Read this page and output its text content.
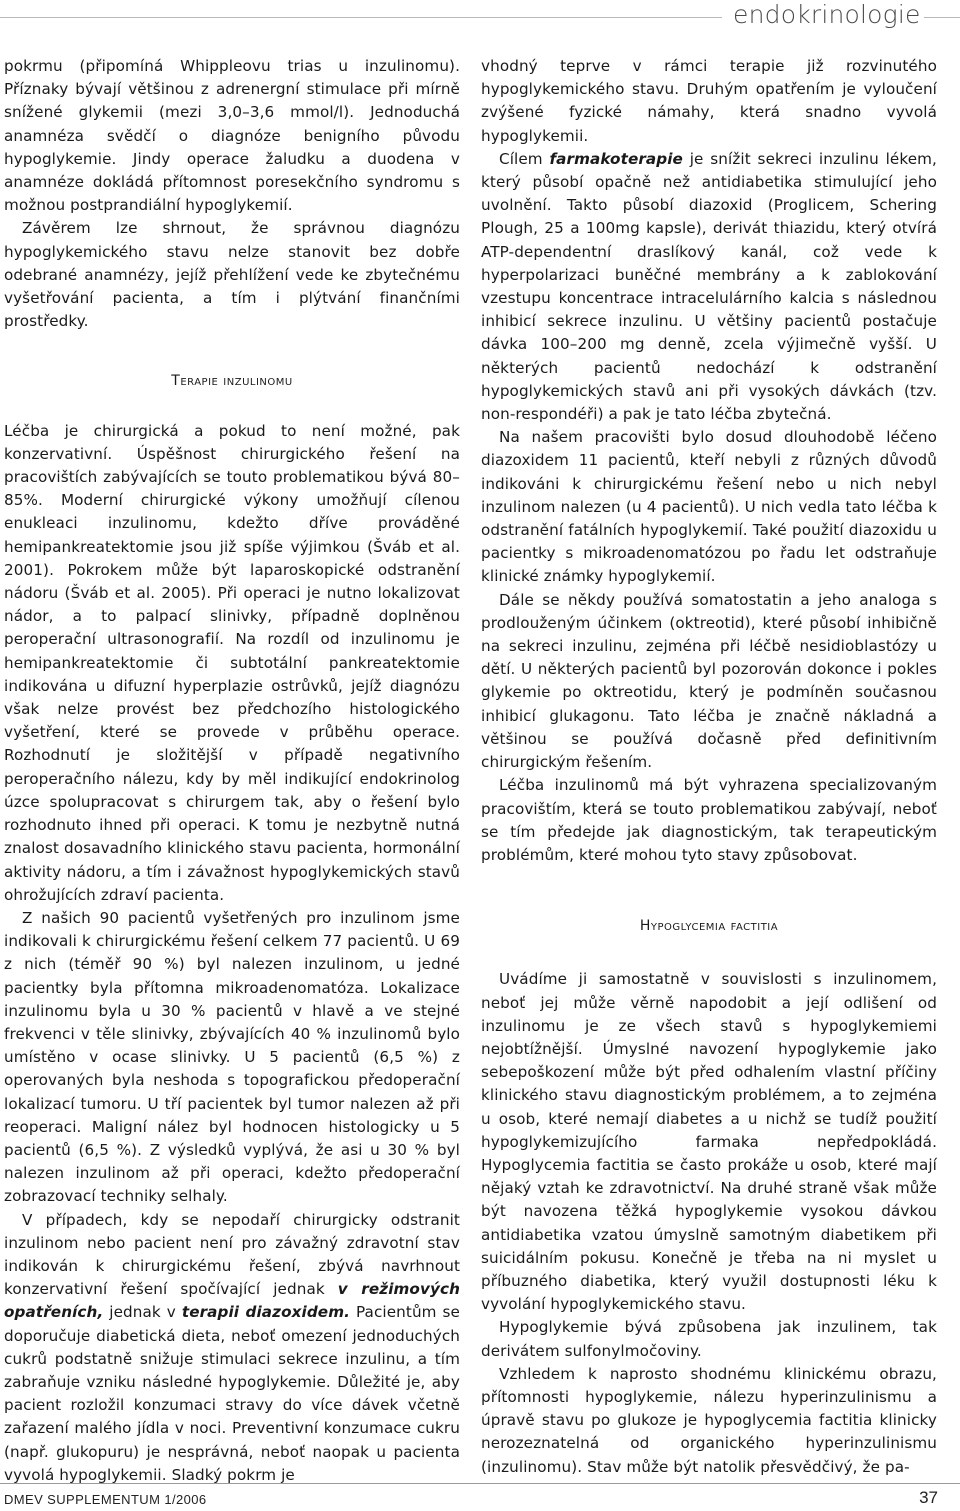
endokrinologie

pokrmu (připomíná Whippleovu trias u inzulinomu). Příznaky bývají většinou z adrenergní stimulace při mírně snížené glykemii (mezi 3,0–3,6 mmol/l). Jednoduchá anamnéza svědčí o diagnóze benigního původu hypoglykemie. Jindy operace žaludku a duodena v anamnéze dokládá přítomnost poresekčního syndromu s možnou postprandiální hypoglykemií.

Závěrem lze shrnout, že správnou diagnózu hypoglykemického stavu nelze stanovit bez dobře odebrané anamnézy, jejíž přehlížení vede ke zbytečnému vyšetřování pacienta, a tím i plýtvání finančními prostředky.

Terapie inzulinomu

Léčba je chirurgická a pokud to není možné, pak konzervativní. Úspěšnost chirurgického řešení na pracovištích zabývajících se touto problematikou bývá 80–85%. Moderní chirurgické výkony umožňují cílenou enukleaci inzulinomu, kdežto dříve prováděné hemipankreatektomie jsou již spíše výjimkou (Šváb et al. 2001). Pokrokem může být laparoskopické odstranění nádoru (Šváb et al. 2005). Při operaci je nutno lokalizovat nádor, a to palpací slinivky, případně doplněnou peroperační ultrasonografií. Na rozdíl od inzulinomu je hemipankreatektomie či subtotální pankreatektomie indikována u difuzní hyperplazie ostrůvků, jejíž diagnózu však nelze provést bez předchozího histologického vyšetření, které se provede v průběhu operace. Rozhodnutí je složitější v případě negativního peroperačního nálezu, kdy by měl indikující endokrinolog úzce spolupracovat s chirurgem tak, aby o řešení bylo rozhodnuto ihned při operaci. K tomu je nezbytně nutná znalost dosavadního klinického stavu pacienta, hormonální aktivity nádoru, a tím i závažnost hypoglykemických stavů ohrožujících zdraví pacienta.

Z našich 90 pacientů vyšetřených pro inzulinom jsme indikovali k chirurgickému řešení celkem 77 pacientů. U 69 z nich (téměř 90 %) byl nalezen inzulinom, u jedné pacientky byla přítomna mikroadenomatóza. Lokalizace inzulinomu byla u 30 % pacientů v hlavě a ve stejné frekvenci v těle slinivky, zbývajících 40 % inzulinomů bylo umístěno v ocase slinivky. U 5 pacientů (6,5 %) z operovaných byla neshoda s topografickou předoperační lokalizací tumoru. U tří pacientek byl tumor nalezen až při reoperaci. Maligní nález byl hodnocen histologicky u 5 pacientů (6,5 %). Z výsledků vyplývá, že asi u 30 % byl nalezen inzulinom až při operaci, kdežto předoperační zobrazovací techniky selhaly.

V případech, kdy se nepodaří chirurgicky odstranit inzulinom nebo pacient není pro závažný zdravotní stav indikován k chirurgickému řešení, zbývá navrhnout konzervativní řešení spočívající jednak v režimových opatřeních, jednak v terapii diazoxidem. Pacientům se doporučuje diabetická dieta, neboť omezení jednoduchých cukrů podstatně snižuje stimulaci sekrece inzulinu, a tím zabraňuje vzniku následné hypoglykemie. Důležité je, aby pacient rozložil konzumaci stravy do více dávek včetně zařazení malého jídla v noci. Preventivní konzumace cukru (např. glukopuru) je nesprávná, neboť naopak u pacienta vyvolá hypoglykemii. Sladký pokrm je

vhodný teprve v rámci terapie již rozvinutého hypoglykemického stavu. Druhým opatřením je vyloučení zvýšené fyzické námahy, která snadno vyvolá hypoglykemii.

Cílem farmakoterapie je snížit sekreci inzulinu lékem, který působí opačně než antidiabetika stimulující jeho uvolnění. Takto působí diazoxid (Proglicem, Schering Plough, 25 a 100mg kapsle), derivát thiazidu, který otvírá ATP-dependentní draslíkový kanál, což vede k hyperpolarizaci buněčné membrány a k zablokování vzestupu koncentrace intracelulárního kalcia s následnou inhibicí sekrece inzulinu. U většiny pacientů postačuje dávka 100–200 mg denně, zcela výjimečně vyšší. U některých pacientů nedochází k odstranění hypoglykemických stavů ani při vysokých dávkách (tzv. non-respondéři) a pak je tato léčba zbytečná.

Na našem pracovišti bylo dosud dlouhodobě léčeno diazoxidem 11 pacientů, kteří nebyli z různých důvodů indikováni k chirurgickému řešení nebo u nich nebyl inzulinom nalezen (u 4 pacientů). U nich vedla tato léčba k odstranění fatálních hypoglykemií. Také použití diazoxidu u pacientky s mikroadenomatózou po řadu let odstraňuje klinické známky hypoglykemií.

Dále se někdy používá somatostatin a jeho analoga s prodlouženým účinkem (oktreotid), které působí inhibičně na sekreci inzulinu, zejména při léčbě nesidioblastózy u dětí. U některých pacientů byl pozorován dokonce i pokles glykemie po oktreotidu, který je podmíněn současnou inhibicí glukagonu. Tato léčba je značně nákladná a většinou se používá dočasně před definitivním chirurgickým řešením.

Léčba inzulinomů má být vyhrazena specializovaným pracovištím, která se touto problematikou zabývají, neboť se tím předejde jak diagnostickým, tak terapeutickým problémům, které mohou tyto stavy způsobovat.

Hypoglycemia factitia

Uvádíme ji samostatně v souvislosti s inzulinomem, neboť jej může věrně napodobit a její odlišení od inzulinomu je ze všech stavů s hypoglykemiemi nejobtížnější. Úmyslné navození hypoglykemie jako sebepoškození může být před odhalením vlastní příčiny klinického stavu diagnostickým problémem, a to zejména u osob, které nemají diabetes a u nichž se tudíž použití hypoglykemizujícího farmaka nepředpokládá. Hypoglycemia factitia se často prokáže u osob, které mají nějaký vztah ke zdravotnictví. Na druhé straně však může být navozena těžká hypoglykemie vysokou dávkou antidiabetika vzatou úmyslně samotným diabetikem při suicidálním pokusu. Konečně je třeba na ni myslet u příbuzného diabetika, který využil dostupnosti léku k vyvolání hypoglykemického stavu.

Hypoglykemie bývá způsobena jak inzulinem, tak derivátem sulfonylmočoviny.

Vzhledem k naprosto shodnému klinickému obrazu, přítomnosti hypoglykemie, nálezu hyperinzulinismu a úpravě stavu po glukoze je hypoglycemia factitia klinicky nerozeznatelná od organického hyperinzulinismu (inzulinomu). Stav může být natolik přesvědčivý, že pa-

DMEV SUPPLEMENTUM 1/2006	37
